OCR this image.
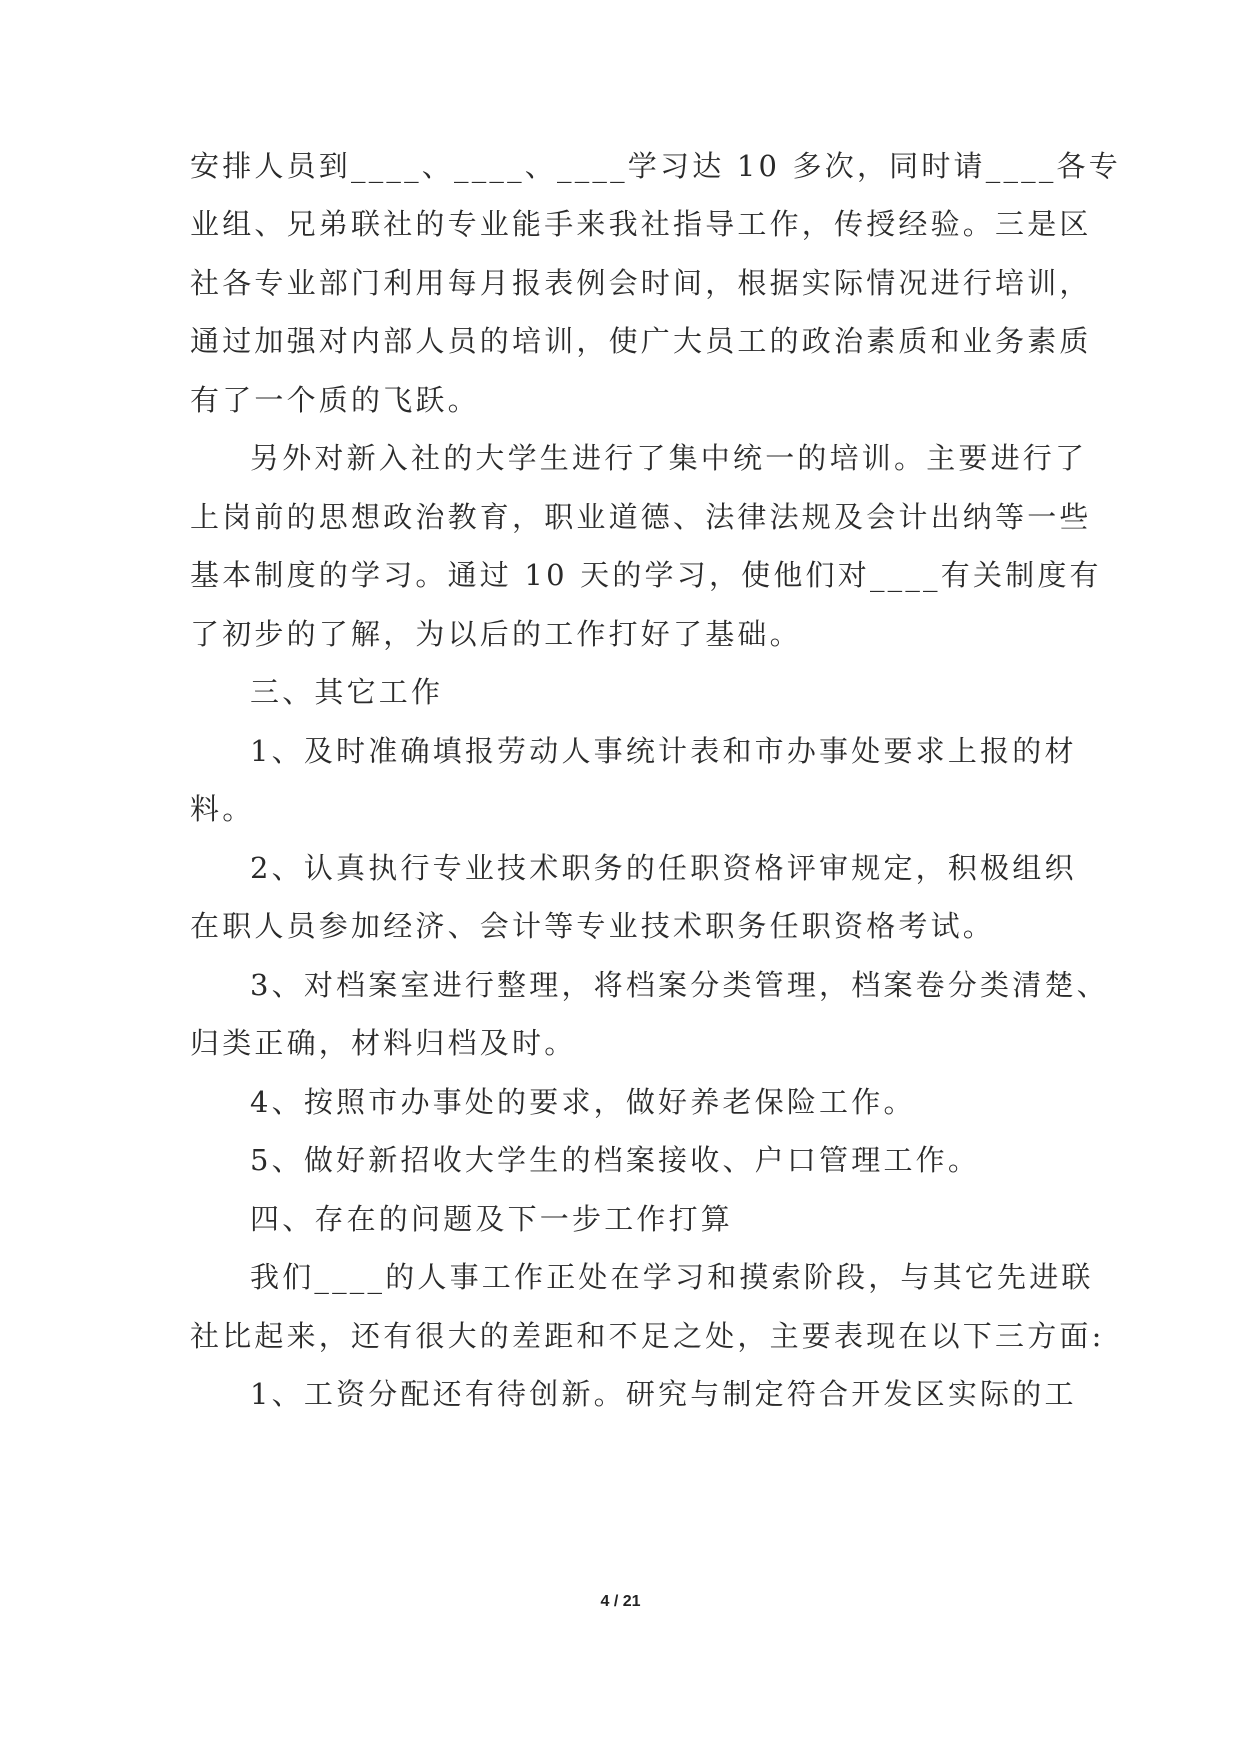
安排人员到____、____、____学习达 10 多次，同时请____各专
业组、兄弟联社的专业能手来我社指导工作，传授经验。三是区
社各专业部门利用每月报表例会时间，根据实际情况进行培训，
通过加强对内部人员的培训，使广大员工的政治素质和业务素质
有了一个质的飞跃。
另外对新入社的大学生进行了集中统一的培训。主要进行了
上岗前的思想政治教育，职业道德、法律法规及会计出纳等一些
基本制度的学习。通过 10 天的学习，使他们对____有关制度有
了初步的了解，为以后的工作打好了基础。
三、其它工作
1、及时准确填报劳动人事统计表和市办事处要求上报的材
料。
2、认真执行专业技术职务的任职资格评审规定，积极组织
在职人员参加经济、会计等专业技术职务任职资格考试。
3、对档案室进行整理，将档案分类管理，档案卷分类清楚、
归类正确，材料归档及时。
4、按照市办事处的要求，做好养老保险工作。
5、做好新招收大学生的档案接收、户口管理工作。
四、存在的问题及下一步工作打算
我们____的人事工作正处在学习和摸索阶段，与其它先进联
社比起来，还有很大的差距和不足之处，主要表现在以下三方面:
1、工资分配还有待创新。研究与制定符合开发区实际的工
4 / 21
